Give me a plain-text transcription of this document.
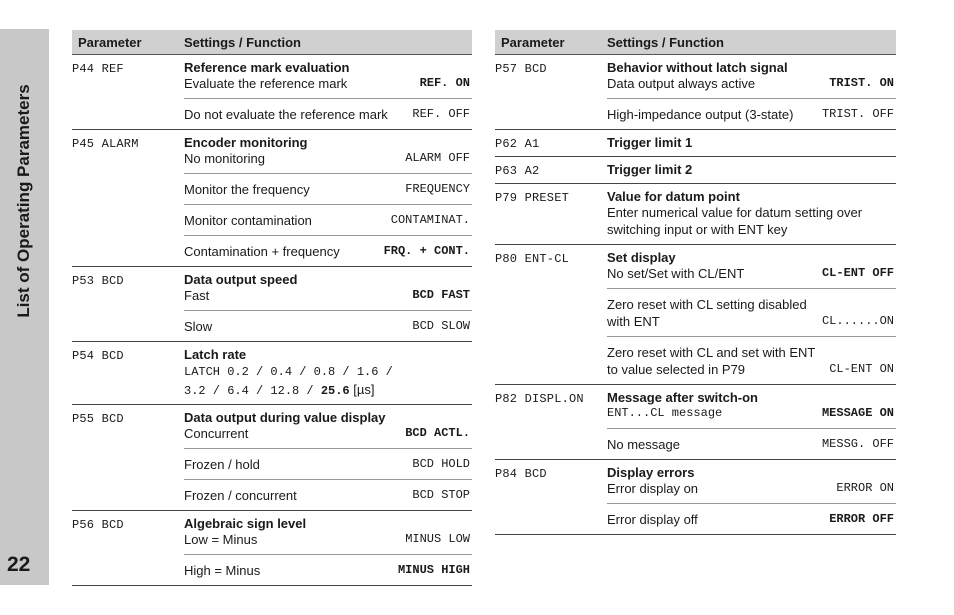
List of Operating Parameters
22
Parameter	Settings / Function
P44 REF	Reference mark evaluation
Evaluate the reference mark	REF. ON
Do not evaluate the reference mark	REF. OFF
P45 ALARM	Encoder monitoring
No monitoring	ALARM OFF
Monitor the frequency	FREQUENCY
Monitor contamination	CONTAMINAT.
Contamination + frequency	FRQ. + CONT.
P53 BCD	Data output speed
Fast	BCD FAST
Slow	BCD SLOW
P54 BCD	Latch rate
LATCH 0.2 / 0.4 / 0.8 / 1.6 /
3.2 / 6.4 / 12.8 / 25.6 [µs]
P55 BCD	Data output during value display
Concurrent	BCD ACTL.
Frozen / hold	BCD HOLD
Frozen / concurrent	BCD STOP
P56 BCD	Algebraic sign level
Low = Minus	MINUS LOW
High = Minus	MINUS HIGH
Parameter	Settings / Function
P57 BCD	Behavior without latch signal
Data output always active	TRIST. ON
High-impedance output (3-state)	TRIST. OFF
P62 A1	Trigger limit 1
P63 A2	Trigger limit 2
P79 PRESET	Value for datum point
Enter numerical value for datum setting over switching input or with ENT key
P80 ENT-CL	Set display
No set/Set with CL/ENT	CL-ENT OFF
Zero reset with CL setting disabled with ENT	CL......ON
Zero reset with CL and set with ENT to value selected in P79	CL-ENT ON
P82 DISPL.ON	Message after switch-on
ENT...CL message	MESSAGE ON
No message	MESSG. OFF
P84 BCD	Display errors
Error display on	ERROR ON
Error display off	ERROR OFF
